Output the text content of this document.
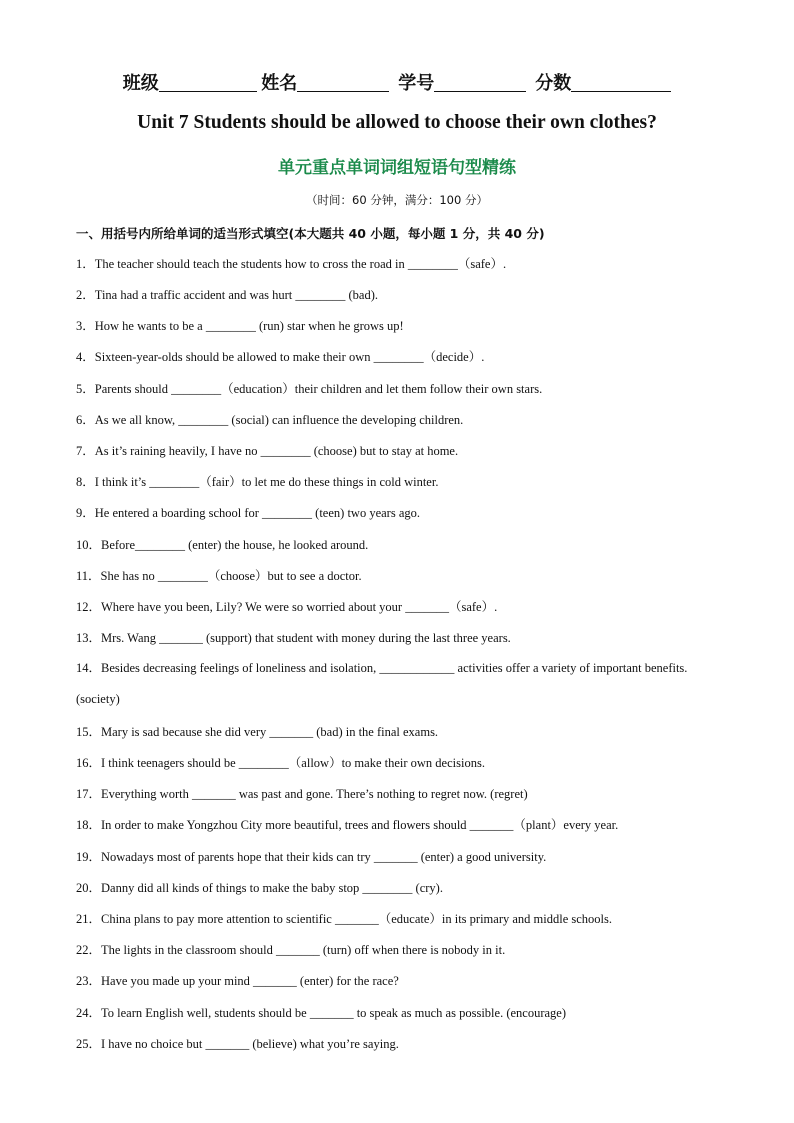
班级	姓名	学号	分数
Unit 7 Students should be allowed to choose their own clothes?
单元重点单词词组短语句型精练
（时间：60 分钟，满分：100 分）
一、用括号内所给单词的适当形式填空(本大题共 40 小题，每小题 1 分，共 40 分)
1．The teacher should teach the students how to cross the road in ________（safe）.
2．Tina had a traffic accident and was hurt ________ (bad).
3．How he wants to be a ________ (run) star when he grows up!
4．Sixteen-year-olds should be allowed to make their own ________（decide）.
5．Parents should ________（education）their children and let them follow their own stars.
6．As we all know, ________ (social) can influence the developing children.
7．As it’s raining heavily, I have no ________ (choose) but to stay at home.
8．I think it’s ________（fair）to let me do these things in cold winter.
9．He entered a boarding school for ________ (teen) two years ago.
10．Before________ (enter) the house, he looked around.
11．She has no ________（choose）but to see a doctor.
12．Where have you been, Lily? We were so worried about your _______（safe）.
13．Mrs. Wang _______ (support) that student with money during the last three years.
14．Besides decreasing feelings of loneliness and isolation, ____________ activities offer a variety of important benefits. (society)
15．Mary is sad because she did very _______ (bad) in the final exams.
16．I think teenagers should be ________（allow）to make their own decisions.
17．Everything worth _______ was past and gone. There’s nothing to regret now. (regret)
18．In order to make Yongzhou City more beautiful, trees and flowers should _______（plant）every year.
19．Nowadays most of parents hope that their kids can try _______ (enter) a good university.
20．Danny did all kinds of things to make the baby stop ________ (cry).
21．China plans to pay more attention to scientific _______（educate）in its primary and middle schools.
22．The lights in the classroom should _______ (turn) off when there is nobody in it.
23．Have you made up your mind _______ (enter) for the race?
24．To learn English well, students should be _______ to speak as much as possible. (encourage)
25．I have no choice but _______ (believe) what you’re saying.
